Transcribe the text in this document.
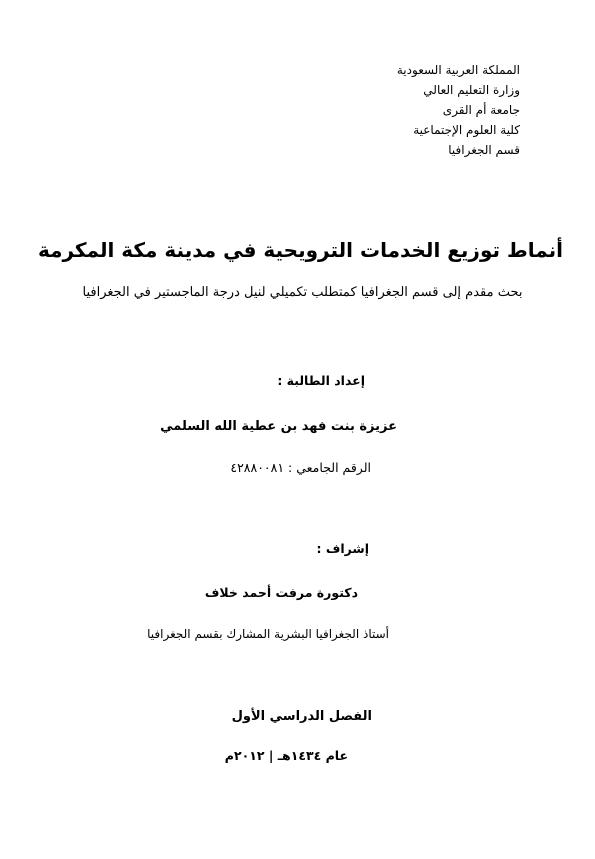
المملكة العربية السعودية
وزارة التعليم العالي
جامعة أم القرى
كلية العلوم الإجتماعية
قسم الجغرافيا
أنماط توزيع الخدمات الترويحية في مدينة مكة المكرمة
بحث مقدم إلى قسم الجغرافيا كمتطلب تكميلي لنيل درجة الماجستير في الجغرافيا
إعداد الطالبة :
عزيزة بنت فهد بن عطية الله السلمي
الرقم الجامعي : ٤٢٨٨٠٠٨١
إشراف :
دكتورة مرفت أحمد خلاف
أستاذ الجغرافيا البشرية المشارك بقسم الجغرافيا
الفصل الدراسي الأول
عام ١٤٣٤هـ | ٢٠١٢م
